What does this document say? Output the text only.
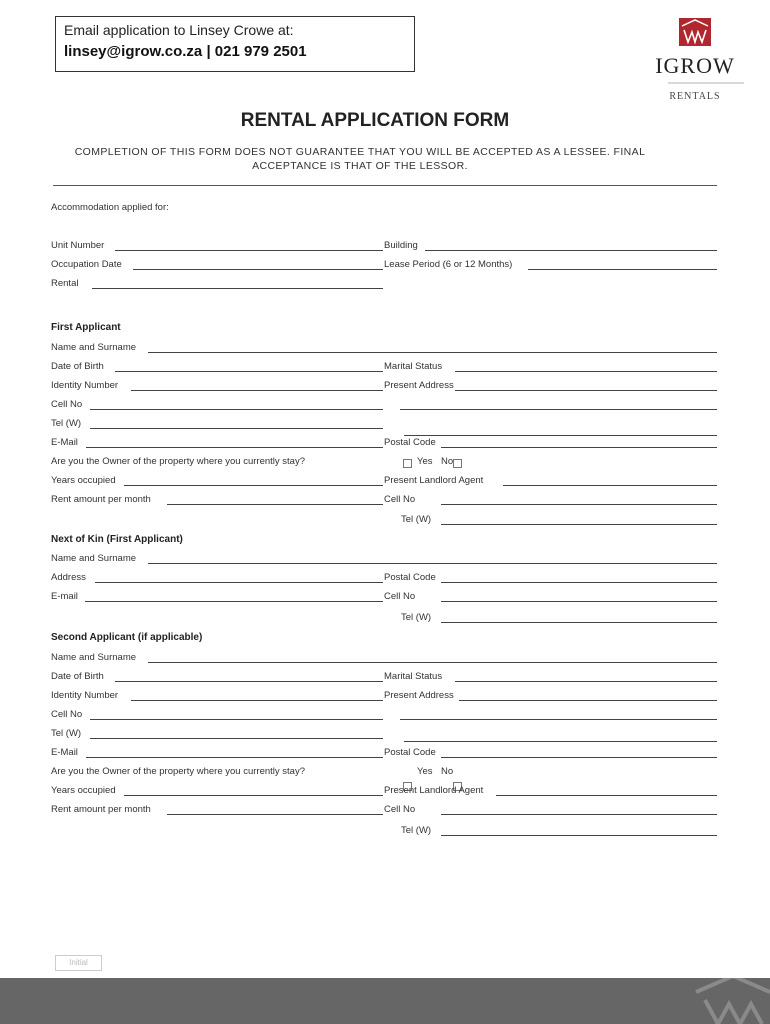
Email application to Linsey Crowe at:
linsey@igrow.co.za | 021 979 2501
IGROW
RENTALS
RENTAL APPLICATION FORM
COMPLETION OF THIS FORM DOES NOT GUARANTEE THAT YOU WILL BE ACCEPTED AS A LESSEE. FINAL ACCEPTANCE IS THAT OF THE LESSOR.
Accommodation applied for:
Unit Number	Building
Occupation Date	Lease Period (6 or 12 Months)
Rental
First Applicant
Name and Surname
Date of Birth	Marital Status
Identity Number	Present Address
Cell No
Tel (W)
E-Mail	Postal Code
Are you the Owner of the property where you currently stay?	Yes No
Years occupied	Present Landlord Agent
Rent amount per month	Cell No
Tel (W)
Next of Kin (First Applicant)
Name and Surname
Address	Postal Code
E-mail	Cell No
Tel (W)
Second Applicant (if applicable)
Name and Surname
Date of Birth	Marital Status
Identity Number	Present Address
Cell No
Tel (W)
E-Mail	Postal Code
Are you the Owner of the property where you currently stay?	Yes No
Years occupied	Present Landlord Agent
Rent amount per month	Cell No
Tel (W)
Initial
